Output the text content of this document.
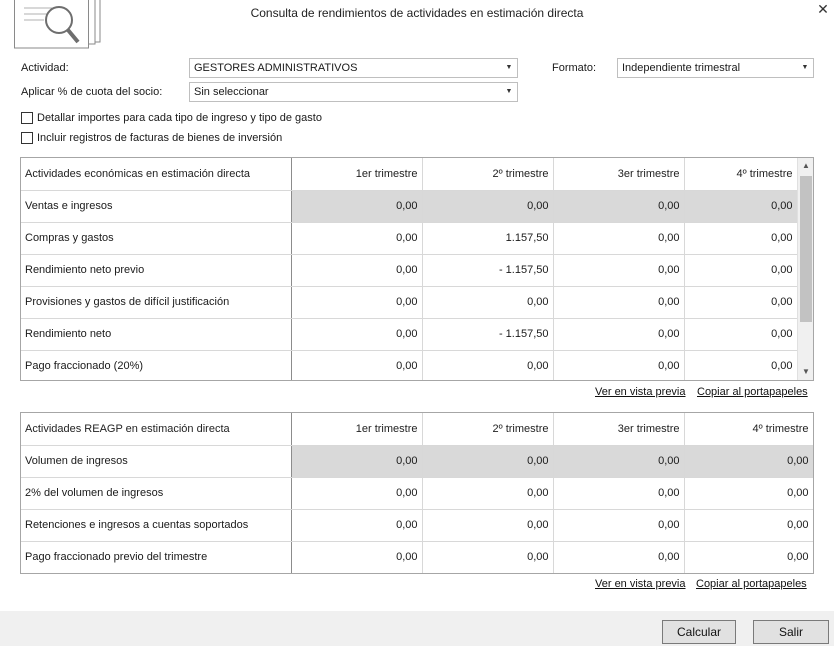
Consulta de rendimientos de actividades en estimación directa	✕
Actividad:	GESTORES ADMINISTRATIVOS	▼	Formato:	Independiente trimestral	▼
Aplicar % de cuota del socio:	Sin seleccionar	▼
Detallar importes para cada tipo de ingreso y tipo de gasto
Incluir registros de facturas de bienes de inversión
Actividades económicas en estimación directa	1er trimestre	2º trimestre	3er trimestre	4º trimestre
Ventas e ingresos	0,00	0,00	0,00	0,00
Compras y gastos	0,00	1.157,50	0,00	0,00
Rendimiento neto previo	0,00	- 1.157,50	0,00	0,00
Provisiones y gastos de difícil justificación	0,00	0,00	0,00	0,00
Rendimiento neto	0,00	- 1.157,50	0,00	0,00
Pago fraccionado (20%)	0,00	0,00	0,00	0,00
▲
▼
Ver en vista previa Copiar al portapapeles
Actividades REAGP en estimación directa	1er trimestre	2º trimestre	3er trimestre	4º trimestre
Volumen de ingresos	0,00	0,00	0,00	0,00
2% del volumen de ingresos	0,00	0,00	0,00	0,00
Retenciones e ingresos a cuentas soportados	0,00	0,00	0,00	0,00
Pago fraccionado previo del trimestre	0,00	0,00	0,00	0,00
Ver en vista previa Copiar al portapapeles
Calcular	Salir
